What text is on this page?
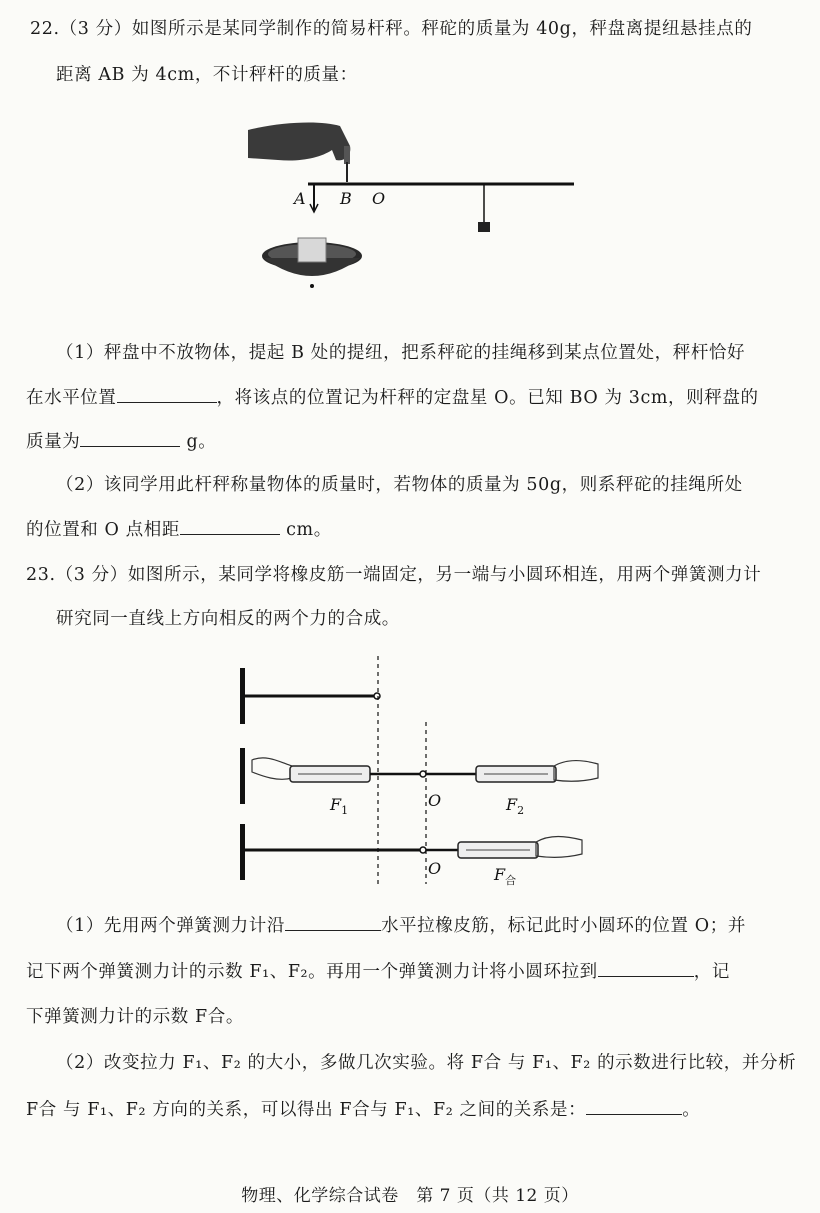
22.（3 分）如图所示是某同学制作的简易杆秤。秤砣的质量为 40g，秤盘离提纽悬挂点的
距离 AB 为 4cm，不计秤杆的质量：
A B O
（1）秤盘中不放物体，提起 B 处的提纽，把系秤砣的挂绳移到某点位置处，秤杆恰好
在水平位置	，将该点的位置记为杆秤的定盘星 O。已知 BO 为 3cm，则秤盘的
质量为	g。
（2）该同学用此杆秤称量物体的质量时，若物体的质量为 50g，则系秤砣的挂绳所处
的位置和 O 点相距	cm。
23.（3 分）如图所示，某同学将橡皮筋一端固定，另一端与小圆环相连，用两个弹簧测力计
研究同一直线上方向相反的两个力的合成。
$F_1$
O	$F_2$
O	$F_合$
（1）先用两个弹簧测力计沿	水平拉橡皮筋，标记此时小圆环的位置 O；并
记下两个弹簧测力计的示数 F₁、F₂。再用一个弹簧测力计将小圆环拉到	，记
下弹簧测力计的示数 F合。
（2）改变拉力 F₁、F₂ 的大小，多做几次实验。将 F合 与 F₁、F₂ 的示数进行比较，并分析
F合 与 F₁、F₂ 方向的关系，可以得出 F合与 F₁、F₂ 之间的关系是：	。
物理、化学综合试卷　第 7 页（共 12 页）
